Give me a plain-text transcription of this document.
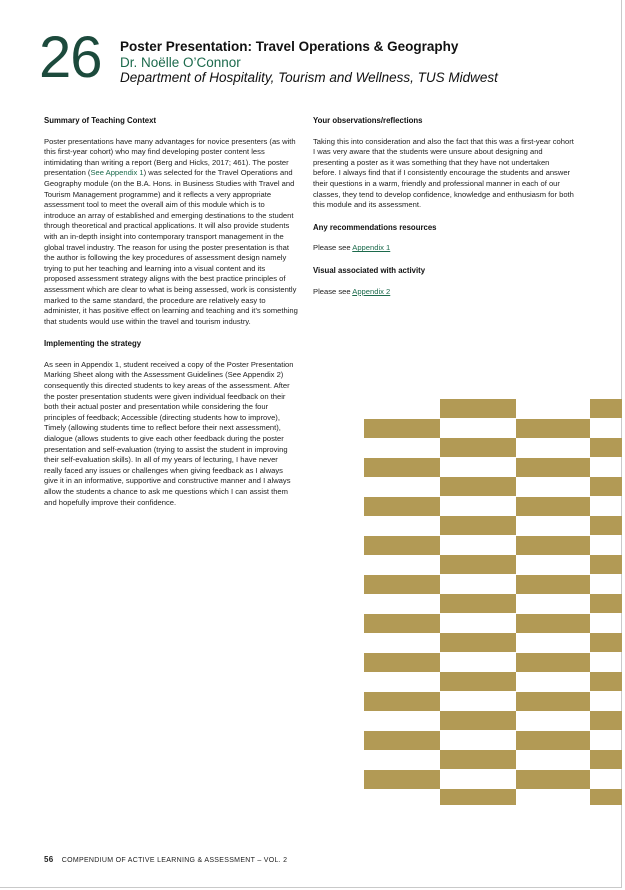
26 Poster Presentation: Travel Operations & Geography
Dr. Noëlle O’Connor
Department of Hospitality, Tourism and Wellness, TUS Midwest
Summary of Teaching Context

Poster presentations have many advantages for novice presenters (as with this first-year cohort) who may find developing poster content less intimidating than writing a report (Berg and Hicks, 2017; 461). The poster presentation (See Appendix 1) was selected for the Travel Operations and Geography module (on the B.A. Hons. in Business Studies with Travel and Tourism Management programme) and it reflects a very appropriate assessment tool to meet the overall aim of this module which is to introduce an array of established and emerging destinations to the student through theoretical and practical applications. It will also provide students with an in-depth insight into contemporary transport management in the global travel industry. The reason for using the poster presentation is that the author is following the key procedures of assessment design namely trying to put her teaching and learning into a visual content and its proposed assessment strategy aligns with the best practice principles of assessment which are clear to what is being assessed, work is consistently marked to the same standard, the procedure are relatively easy to administer, it has positive effect on learning and teaching and it’s something that students would use within the travel and tourism industry.

Implementing the strategy

As seen in Appendix 1, student received a copy of the Poster Presentation Marking Sheet along with the Assessment Guidelines (See Appendix 2) consequently this directed students to key areas of the assessment. After the poster presentation students were given individual feedback on their both their actual poster and presentation while considering the four principles of feedback; Accessible (directing students how to improve), Timely (allowing students time to reflect before their next assessment), dialogue (allows students to give each other feedback during the poster presentation and self-evaluation (trying to assist the student in improving their self-evaluation skills). In all of my years of lecturing, I have never really faced any issues or challenges when giving feedback as I always give it in an informative, supportive and constructive manner and I always allow the students a chance to ask me questions which I can assist them and hopefully improve their confidence.

Your observations/reflections

Taking this into consideration and also the fact that this was a first-year cohort I was very aware that the students were unsure about designing and presenting a poster as it was something that they have not undertaken before. I always find that if I consistently encourage the students and answer their questions in a warm, friendly and professional manner in each of our classes, they tend to develop confidence, knowledge and enthusiasm for both this module and its assessment.

Any recommendations resources

Please see Appendix 1

Visual associated with activity

Please see Appendix 2

56 COMPENDIUM OF ACTIVE LEARNING & ASSESSMENT – VOL. 2
